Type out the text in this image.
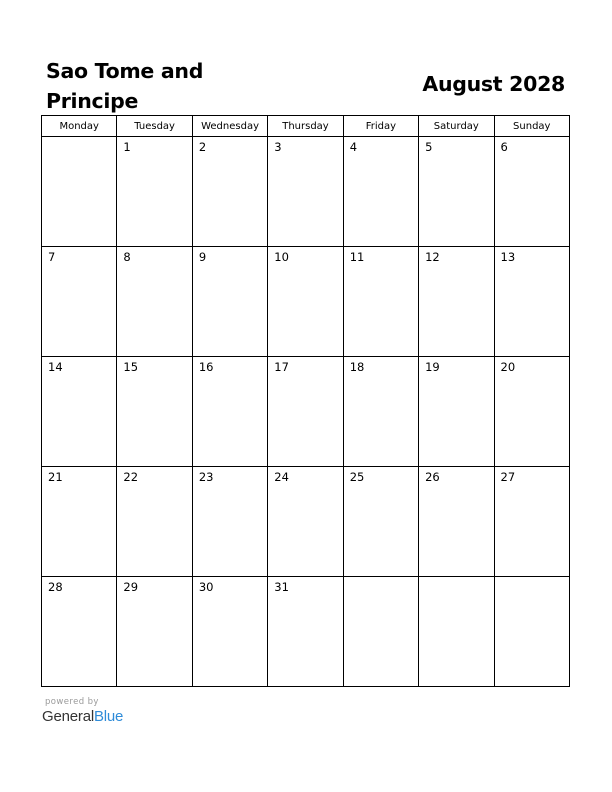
Sao Tome and Principe
August 2028
Monday	Tuesday	Wednesday	Thursday	Friday	Saturday	Sunday

	1	2	3	4	5	6

7	8	9	10	11	12	13

14	15	16	17	18	19	20

21	22	23	24	25	26	27

28	29	30	31			

powered by
GeneralBlue
